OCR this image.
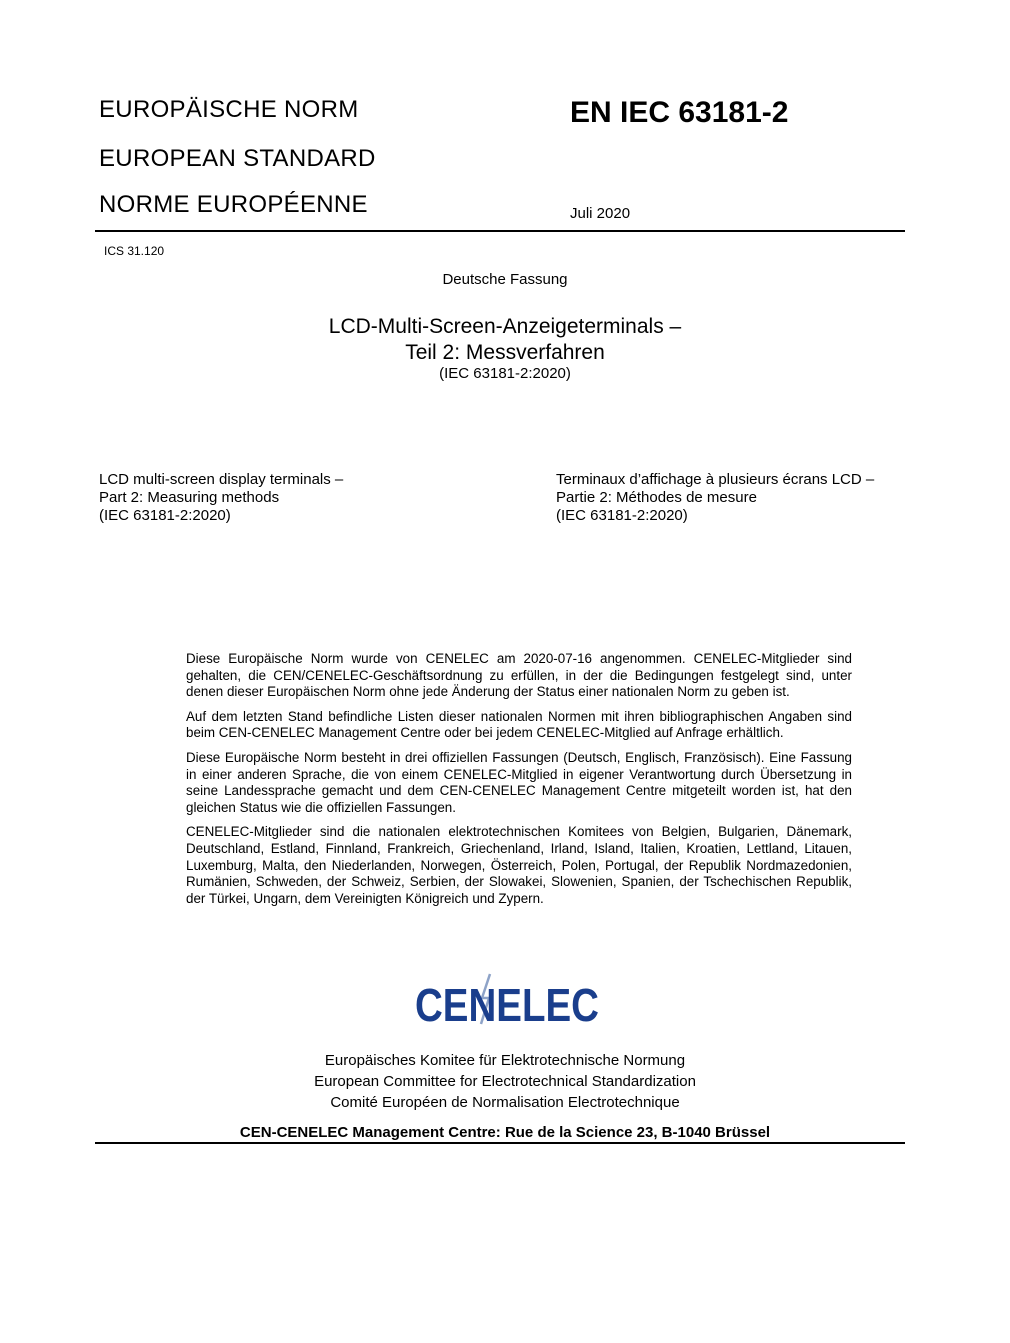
EUROPÄISCHE NORM

EUROPEAN STANDARD

NORME EUROPÉENNE

EN IEC 63181-2

Juli 2020

ICS 31.120

Deutsche Fassung

LCD-Multi-Screen-Anzeigeterminals –
Teil 2: Messverfahren

(IEC 63181-2:2020)

LCD multi-screen display terminals –
Part 2: Measuring methods
(IEC 63181-2:2020)
Terminaux d’affichage à plusieurs écrans LCD –
Partie 2: Méthodes de mesure
(IEC 63181-2:2020)

Diese Europäische Norm wurde von CENELEC am 2020-07-16 angenommen. CENELEC-Mitglieder sind gehalten, die CEN/CENELEC-Geschäftsordnung zu erfüllen, in der die Bedingungen festgelegt sind, unter denen dieser Europäischen Norm ohne jede Änderung der Status einer nationalen Norm zu geben ist.

Auf dem letzten Stand befindliche Listen dieser nationalen Normen mit ihren bibliographischen Angaben sind beim CEN-CENELEC Management Centre oder bei jedem CENELEC-Mitglied auf Anfrage erhältlich.

Diese Europäische Norm besteht in drei offiziellen Fassungen (Deutsch, Englisch, Französisch). Eine Fassung in einer anderen Sprache, die von einem CENELEC-Mitglied in eigener Verantwortung durch Übersetzung in seine Landessprache gemacht und dem CEN-CENELEC Management Centre mitgeteilt worden ist, hat den gleichen Status wie die offiziellen Fassungen.

CENELEC-Mitglieder sind die nationalen elektrotechnischen Komitees von Belgien, Bulgarien, Dänemark, Deutschland, Estland, Finnland, Frankreich, Griechenland, Irland, Island, Italien, Kroatien, Lettland, Litauen, Luxemburg, Malta, den Niederlanden, Norwegen, Österreich, Polen, Portugal, der Republik Nordmazedonien, Rumänien, Schweden, der Schweiz, Serbien, der Slowakei, Slowenien, Spanien, der Tschechischen Republik, der Türkei, Ungarn, dem Vereinigten Königreich und Zypern.

CENELEC
Europäisches Komitee für Elektrotechnische Normung
European Committee for Electrotechnical Standardization
Comité Européen de Normalisation Electrotechnique

CEN-CENELEC Management Centre: Rue de la Science 23, B-1040 Brüssel
